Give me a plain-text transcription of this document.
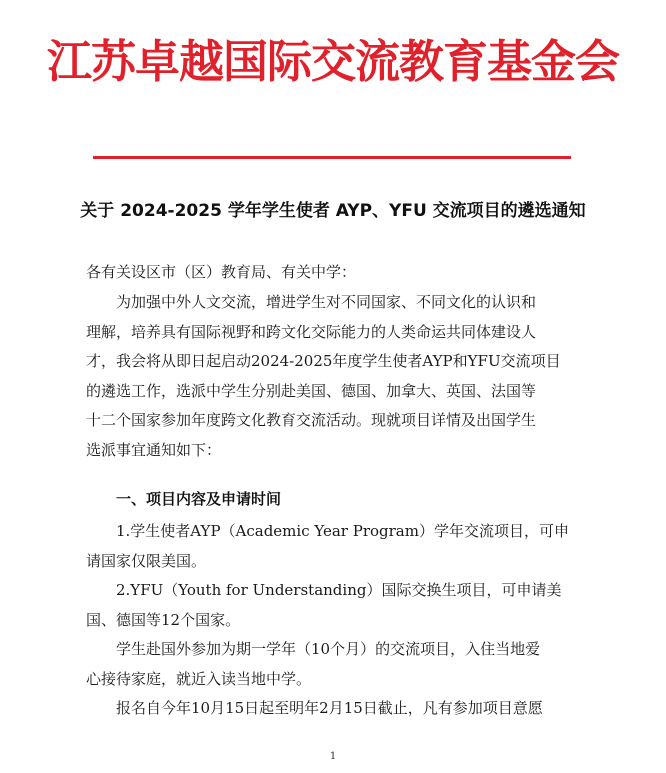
江苏卓越国际交流教育基金会
关于 2024-2025 学年学生使者 AYP、YFU 交流项目的遴选通知
各有关设区市（区）教育局、有关中学：
为加强中外人文交流，增进学生对不同国家、不同文化的认识和
理解，培养具有国际视野和跨文化交际能力的人类命运共同体建设人
才，我会将从即日起启动2024-2025年度学生使者AYP和YFU交流项目
的遴选工作，选派中学生分别赴美国、德国、加拿大、英国、法国等
十二个国家参加年度跨文化教育交流活动。现就项目详情及出国学生
选派事宜通知如下：
一、项目内容及申请时间
1.学生使者AYP（Academic Year Program）学年交流项目，可申
请国家仅限美国。
2.YFU（Youth for Understanding）国际交换生项目，可申请美
国、德国等12个国家。
学生赴国外参加为期一学年（10个月）的交流项目，入住当地爱
心接待家庭，就近入读当地中学。
报名自今年10月15日起至明年2月15日截止，凡有参加项目意愿
1
